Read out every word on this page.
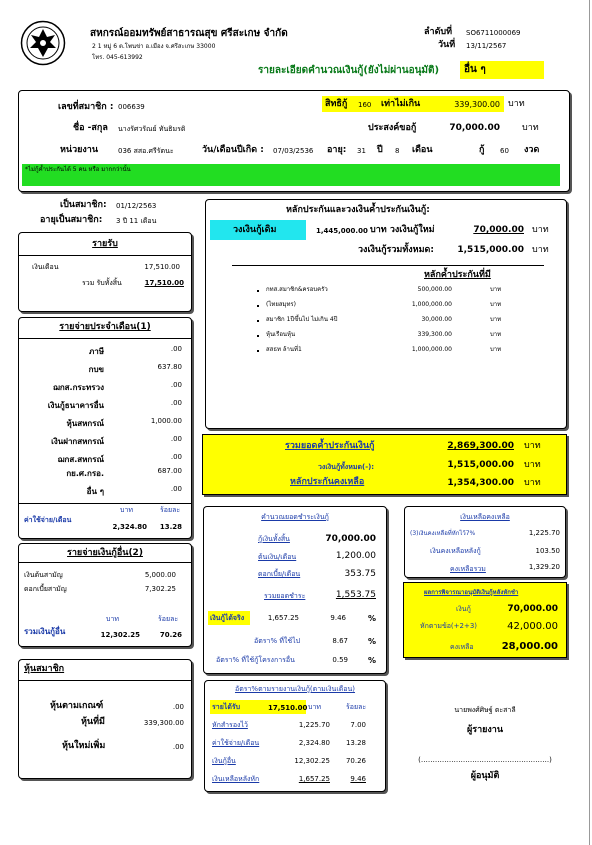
สหกรณ์ออมทรัพย์สาธารณสุข ศรีสะเกษ จำกัด
2 1 หมู่ 6 ต.โพนข่า อ.เมือง จ.ศรีสะเกษ 33000
โทร. 045-613992
ลำดับที่ SO6711000069
วันที่ 13/11/2567
รายละเอียดคำนวณเงินกู้(ยังไม่ผ่านอนุมัติ) อื่น ๆ
เลขที่สมาชิก : 006639
ชื่อ -สกุล นางรัศวรัณย์ ทันธิมรติ
หน่วยงาน	036 สสอ.ศรีรัตนะ	วัน/เดือนปีเกิด : 07/03/2536 อายุ: 31 ปี 8 เดือน
สิทธิกู้ 160 เท่าไม่เกิน	339,300.00 บาท
ประสงค์ขอกู้	70,000.00 บาท
กู้ 60 งวด
*ไม่กู้ค้ำประกันได้ 5 คน หรือ มากกว่านั้น
เป็นสมาชิก: 01/12/2563
อายุเป็นสมาชิก: 3 ปี 11 เดือน
รายรับ
เงินเดือน	17,510.00
รวม รับทั้งสิ้น	17,510.00
รายจ่ายประจำเดือน(1)
ภาษี	.00
กบข	637.80
ฌกส.กระทรวง	.00
เงินกู้ธนาคารอื่น	.00
หุ้นสหกรณ์	1,000.00
เงินฝากสหกรณ์	.00
ฌกส.สหกรณ์	.00
กย.ศ.กรอ.	687.00
อื่น ๆ	.00
ค่าใช้จ่าย/เดือน
บาท	ร้อยละ
2,324.80	13.28
รายจ่ายเงินกู้อื่น(2)
เงินต้นสามัญ	5,000.00
ดอกเบี้ยสามัญ	7,302.25
บาท	ร้อยละ
รวมเงินกู้อื่น	12,302.25	70.26
หุ้นสมาชิก
หุ้นตามเกณฑ์	.00
หุ้นที่มี	339,300.00
หุ้นใหม่เพิ่ม	.00
หลักประกันและวงเงินค้ำประกันเงินกู้:
วงเงินกู้เดิม	1,445,000.00 บาท วงเงินกู้ใหม่	70,000.00 บาท
วงเงินกู้รวมทั้งหมด:	1,515,000.00 บาท
หลักค้ำประกันที่มี
กทส.สมาชิก&ครอบครัว	500,000.00	บาท
(ไทยสมุทร)	1,000,000.00	บาท
สมาชิก 1ปีขึ้นไป ไม่เกิน 4ปี	30,000.00	บาท
หุ้นเรือนหุ้น	339,300.00	บาท
สสธท ล้านที่1	1,000,000.00	บาท
รวมยอดค้ำประกันเงินกู้	2,869,300.00 บาท
วงเงินกู้ทั้งหมด(-):	1,515,000.00 บาท
หลักประกันคงเหลือ	1,354,300.00 บาท
คำนวณยอดชำระเงินกู้
กู้เงินทั้งสิ้น	70,000.00
ต้นเงิน/เดือน	1,200.00
ดอกเบี้ย/เดือน	353.75
รวมยอดชำระ	1,553.75
เงินกู้ได้จริง	1,657.25	9.46	%
อัตรา% ที่ใช้ไป	8.67	%
อัตรา% ที่ใช้กู้โครงการอื่น	0.59	%
อัตรา%ตามรายงานเงินกู้(ตามเงินเดือน)
รายได้รับ	17,510.00 บาท	ร้อยละ
หักสำรองไว้	1,225.70	7.00
ค่าใช้จ่าย/เดือน	2,324.80 13.28
เงินกู้อื่น	12,302.25 70.26
เงินเหลือหลังหัก	1,657.25	9.46
เงินเหลือคงเหลือ
(3)เงินคงเหลือที่หักไว้7%	1,225.70
เงินคงเหลือหลังกู้	103.50
คงเหลือรวม	1,329.20
ผลการพิจารณาอนุมัติเงินกู้หลังหักชำ
เงินกู้	70,000.00
หักตามข้อ(+2+3)	42,000.00
คงเหลือ	28,000.00
นายพงศ์ศิษฐ์ ตะสาลี
ผู้รายงาน
(……………………………………………….)
ผู้อนุมัติ
